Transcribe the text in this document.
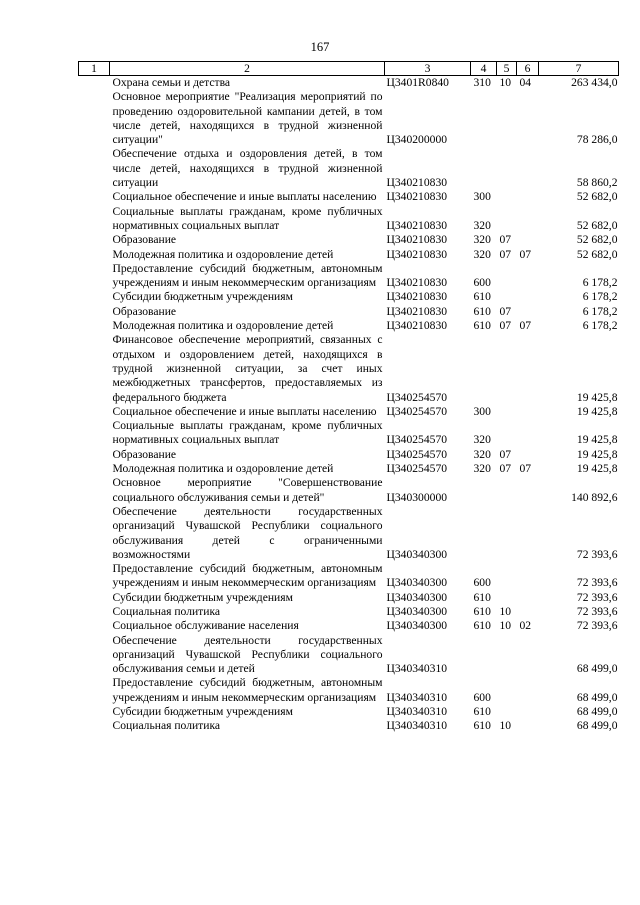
167
1	2	3	4	5	6	7
	Охрана семьи и детства	Ц3401R0840	310	10	04	263 434,0
	Основное мероприятие "Реализация мероприятий по проведению оздоровительной кампании детей, в том числе детей, находящихся в трудной жизненной ситуации"	Ц340200000				78 286,0
	Обеспечение отдыха и оздоровления детей, в том числе детей, находящихся в трудной жизненной ситуации	Ц340210830				58 860,2
	Социальное обеспечение и иные выплаты населению	Ц340210830	300			52 682,0
	Социальные выплаты гражданам, кроме публичных нормативных социальных выплат	Ц340210830	320			52 682,0
	Образование	Ц340210830	320	07		52 682,0
	Молодежная политика и оздоровление детей	Ц340210830	320	07	07	52 682,0
	Предоставление субсидий бюджетным, автономным учреждениям и иным некоммерческим организациям	Ц340210830	600			6 178,2
	Субсидии бюджетным учреждениям	Ц340210830	610			6 178,2
	Образование	Ц340210830	610	07		6 178,2
	Молодежная политика и оздоровление детей	Ц340210830	610	07	07	6 178,2
	Финансовое обеспечение мероприятий, связанных с отдыхом и оздоровлением детей, находящихся в трудной жизненной ситуации, за счет иных межбюджетных трансфертов, предоставляемых из федерального бюджета	Ц340254570				19 425,8
	Социальное обеспечение и иные выплаты населению	Ц340254570	300			19 425,8
	Социальные выплаты гражданам, кроме публичных нормативных социальных выплат	Ц340254570	320			19 425,8
	Образование	Ц340254570	320	07		19 425,8
	Молодежная политика и оздоровление детей	Ц340254570	320	07	07	19 425,8
	Основное мероприятие "Совершенствование социального обслуживания семьи и детей"	Ц340300000				140 892,6
	Обеспечение деятельности государственных организаций Чувашской Республики социального обслуживания детей с ограниченными возможностями	Ц340340300				72 393,6
	Предоставление субсидий бюджетным, автономным учреждениям и иным некоммерческим организациям	Ц340340300	600			72 393,6
	Субсидии бюджетным учреждениям	Ц340340300	610			72 393,6
	Социальная политика	Ц340340300	610	10		72 393,6
	Социальное обслуживание населения	Ц340340300	610	10	02	72 393,6
	Обеспечение деятельности государственных организаций Чувашской Республики социального обслуживания семьи и детей	Ц340340310				68 499,0
	Предоставление субсидий бюджетным, автономным учреждениям и иным некоммерческим организациям	Ц340340310	600			68 499,0
	Субсидии бюджетным учреждениям	Ц340340310	610			68 499,0
	Социальная политика	Ц340340310	610	10		68 499,0
